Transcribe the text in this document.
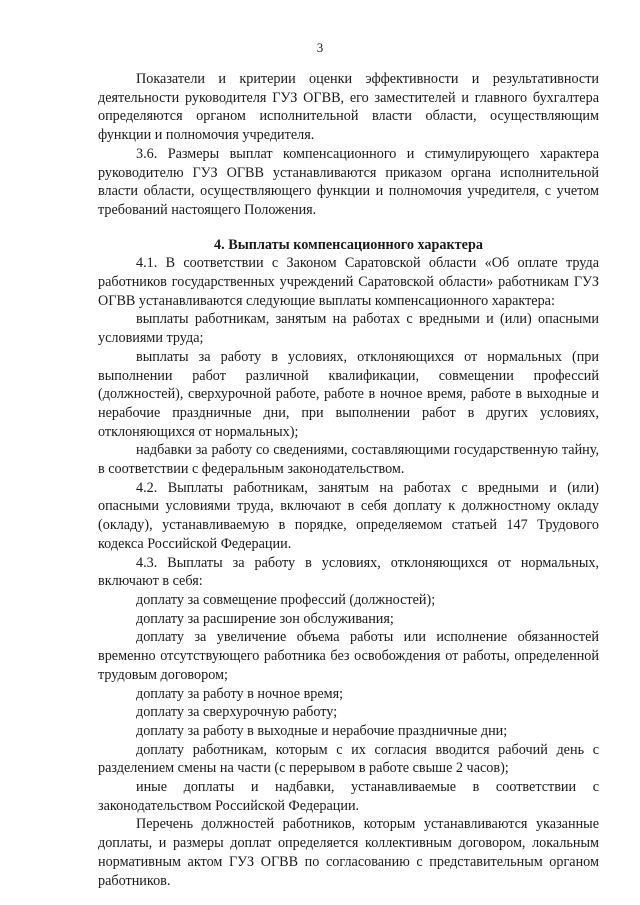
3

Показатели и критерии оценки эффективности и результативности деятельности руководителя ГУЗ ОГВВ, его заместителей и главного бухгалтера определяются органом исполнительной власти области, осуществляющим функции и полномочия учредителя.

3.6. Размеры выплат компенсационного и стимулирующего характера руководителю ГУЗ ОГВВ устанавливаются приказом органа исполнительной власти области, осуществляющего функции и полномочия учредителя, с учетом требований настоящего Положения.

4. Выплаты компенсационного характера

4.1. В соответствии с Законом Саратовской области «Об оплате труда работников государственных учреждений Саратовской области» работникам ГУЗ ОГВВ устанавливаются следующие выплаты компенсационного характера:

выплаты работникам, занятым на работах с вредными и (или) опасными условиями труда;

выплаты за работу в условиях, отклоняющихся от нормальных (при выполнении работ различной квалификации, совмещении профессий (должностей), сверхурочной работе, работе в ночное время, работе в выходные и нерабочие праздничные дни, при выполнении работ в других условиях, отклоняющихся от нормальных);

надбавки за работу со сведениями, составляющими государственную тайну, в соответствии с федеральным законодательством.

4.2. Выплаты работникам, занятым на работах с вредными и (или) опасными условиями труда, включают в себя доплату к должностному окладу (окладу), устанавливаемую в порядке, определяемом статьей 147 Трудового кодекса Российской Федерации.

4.3. Выплаты за работу в условиях, отклоняющихся от нормальных, включают в себя:

доплату за совмещение профессий (должностей);

доплату за расширение зон обслуживания;

доплату за увеличение объема работы или исполнение обязанностей временно отсутствующего работника без освобождения от работы, определенной трудовым договором;

доплату за работу в ночное время;

доплату за сверхурочную работу;

доплату за работу в выходные и нерабочие праздничные дни;

доплату работникам, которым с их согласия вводится рабочий день с разделением смены на части (с перерывом в работе свыше 2 часов);

иные доплаты и надбавки, устанавливаемые в соответствии с законодательством Российской Федерации.

Перечень должностей работников, которым устанавливаются указанные доплаты, и размеры доплат определяется коллективным договором, локальным нормативным актом ГУЗ ОГВВ по согласованию с представительным органом работников.
